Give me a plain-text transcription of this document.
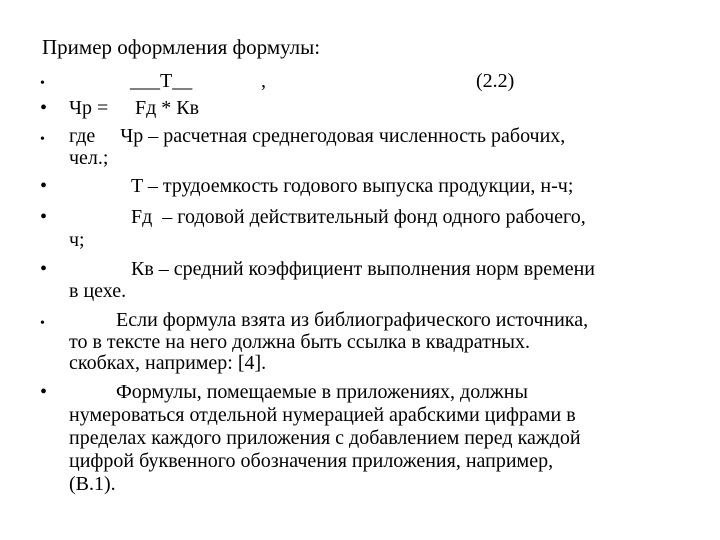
Пример оформления формулы:
•	___T__	,	(2.2)
• Чр = Fд * Кв
• где     Чр – расчетная среднегодовая численность рабочих,
чел.;
•	T – трудоемкость годового выпуска продукции, н-ч;
•	Fд  – годовой действительный фонд одного рабочего,
ч;
•	Кв – средний коэффициент выполнения норм времени
в цехе.
•	Если формула взята из библиографического источника,
то в тексте на него должна быть ссылка в квадратных.
скобках, например: [4].
•	Формулы, помещаемые в приложениях, должны
нумероваться отдельной нумерацией арабскими цифрами в
пределах каждого приложения с добавлением перед каждой
цифрой буквенного обозначения приложения, например,
(В.1).
